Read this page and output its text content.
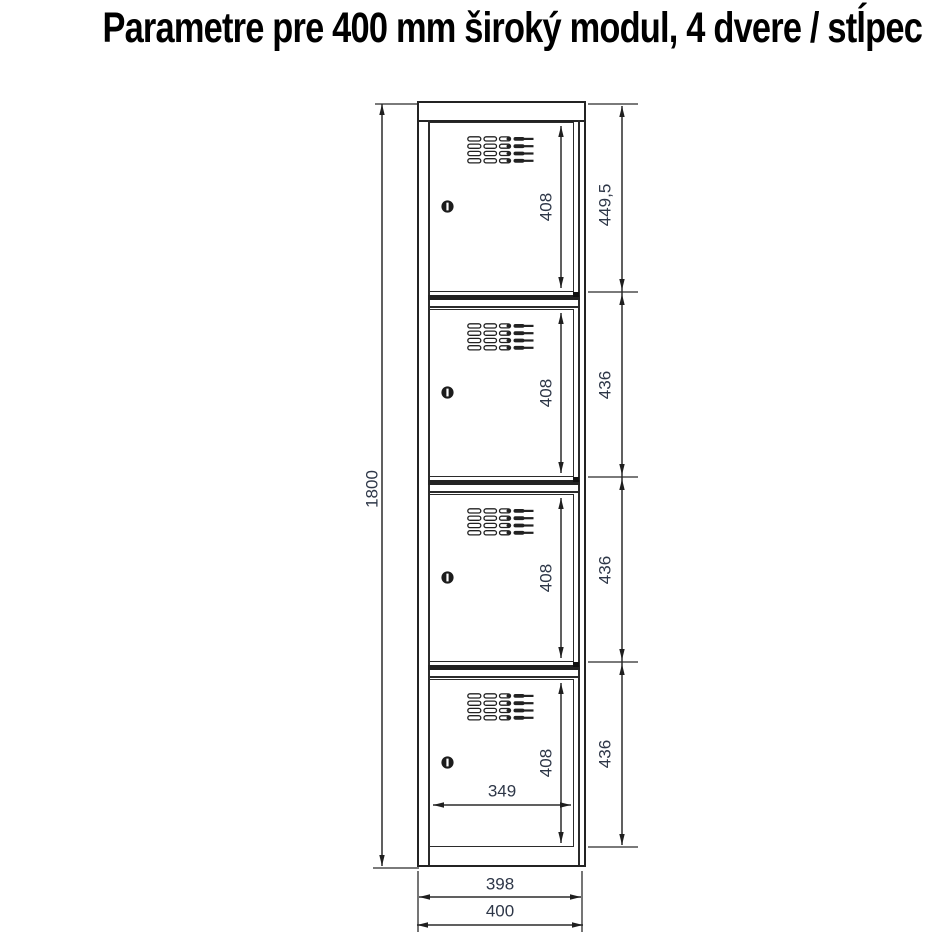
Parametre pre 400 mm široký modul, 4 dvere / stĺpec
1800
449,5
436
436
436
408
408
408
408
349
398
400
